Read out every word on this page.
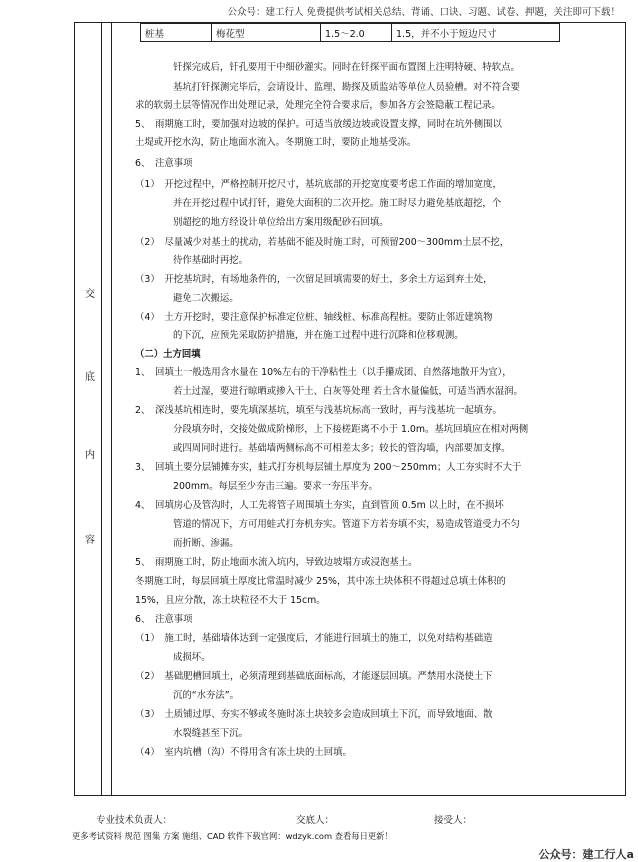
公众号：建工行人 免费提供考试相关总结、背诵、口诀、习题、试卷、押题，关注即可下载！
交
底
内
容
桩基	梅花型	1.5～2.0	1.5，并不小于短边尺寸
钎探完成后，钎孔要用干中细砂灌实。同时在钎探平面布置图上注明特硬、特软点。
基坑打钎探测完毕后，会请设计、监理、勘探及质监站等单位人员验槽。对不符合要
求的软弱土层等情况作出处理记录，处理完全符合要求后，参加各方会签隐蔽工程记录。
5、　雨期施工时，要加强对边坡的保护。可适当放缓边坡或设置支撑，同时在坑外侧围以
土堤或开挖水沟，防止地面水流入。冬期施工时，要防止地基受冻。
6、　注意事项
（1）　开挖过程中，严格控制开挖尺寸，基坑底部的开挖宽度要考虑工作面的增加宽度，
并在开挖过程中试打钎，避免大面积的二次开挖。施工时尽力避免基底超挖，个
别超挖的地方经设计单位给出方案用级配砂石回填。
（2）　尽量减少对基土的扰动，若基础不能及时施工时，可预留200～300mm土层不挖，
待作基础时再挖。
（3）　开挖基坑时，有场地条件的，一次留足回填需要的好土，多余土方运到弃土处，
避免二次搬运。
（4）　土方开挖时，要注意保护标准定位桩、轴线桩、标准高程桩。要防止邻近建筑物
的下沉，应预先采取防护措施，并在施工过程中进行沉降和位移观测。
（二）土方回填
1、　回填土一般选用含水量在 10%左右的干净粘性土（以手攥成团、自然落地散开为宜），
若土过湿，要进行晾晒或掺入干土、白灰等处理 若土含水量偏低，可适当洒水湿润。
2、　深浅基坑相连时，要先填深基坑，填至与浅基坑标高一致时，再与浅基坑一起填夯。
分段填夯时，交接处做成阶梯形，上下接槎距离不小于 1.0m。基坑回填应在相对两侧
或四周同时进行。基础墙两侧标高不可相差太多；较长的管沟墙，内部要加支撑。
3、　回填土要分层铺摊夯实，蛙式打夯机每层铺土厚度为 200～250mm；人工夯实时不大于
200mm。每层至少夯击三遍。要求一夯压半夯。
4、　回填房心及管沟时，人工先将管子周围填土夯实，直到管顶 0.5m 以上时，在不损坏
管道的情况下，方可用蛙式打夯机夯实。管道下方若夯填不实，易造成管道受力不匀
而折断、渗漏。
5、　雨期施工时，防止地面水流入坑内，导致边坡塌方或浸泡基土。
冬期施工时，每层回填土厚度比常温时减少 25%，其中冻土块体积不得超过总填土体积的
15%，且应分散，冻土块粒径不大于 15cm。
6、　注意事项
（1）　施工时，基础墙体达到一定强度后，才能进行回填土的施工，以免对结构基础造
成损坏。
（2）　基础肥槽回填土，必须清理到基础底面标高，才能逐层回填。严禁用水浇使土下
沉的“水夯法”。
（3）　土质铺过厚、夯实不够或冬施时冻土块较多会造成回填土下沉，而导致地面、散
水裂缝甚至下沉。
（4）　室内坑槽（沟）不得用含有冻土块的土回填。
专业技术负责人：	交底人：	接受人：
更多考试资料 规范 图集 方案 施组、CAD 软件下载官网：wdzyk.com 查看每日更新！
公众号：建工行人a
